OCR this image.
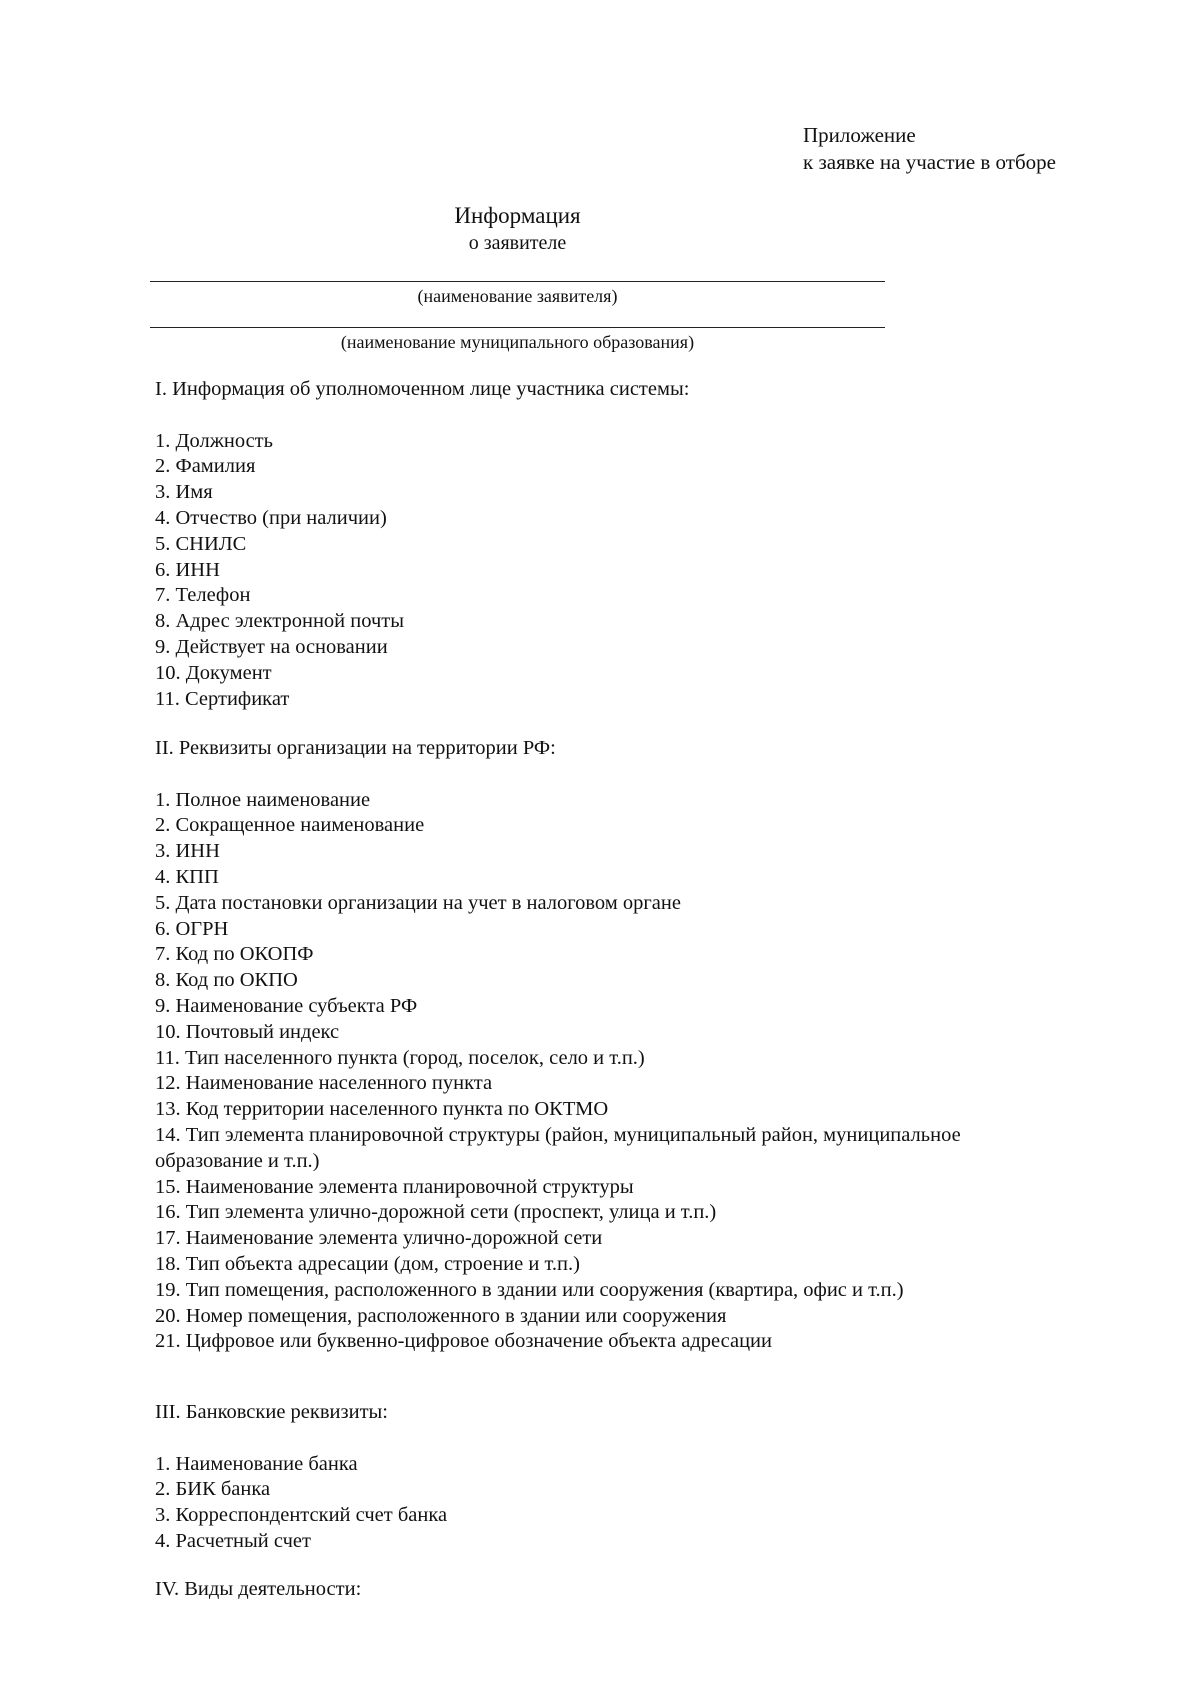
Приложение
к заявке на участие в отборе
Информация
о заявителе
(наименование заявителя)
(наименование муниципального образования)
I. Информация об уполномоченном лице участника системы:
1. Должность
2. Фамилия
3. Имя
4. Отчество (при наличии)
5. СНИЛС
6. ИНН
7. Телефон
8. Адрес электронной почты
9. Действует на основании
10. Документ
11. Сертификат
II. Реквизиты организации на территории РФ:
1. Полное наименование
2. Сокращенное наименование
3. ИНН
4. КПП
5. Дата постановки организации на учет в налоговом органе
6. ОГРН
7. Код по ОКОПФ
8. Код по ОКПО
9. Наименование субъекта РФ
10. Почтовый индекс
11. Тип населенного пункта (город, поселок, село и т.п.)
12. Наименование населенного пункта
13. Код территории населенного пункта по ОКТМО
14. Тип элемента планировочной структуры (район, муниципальный район, муниципальное образование и т.п.)
15. Наименование элемента планировочной структуры
16. Тип элемента улично-дорожной сети (проспект, улица и т.п.)
17. Наименование элемента улично-дорожной сети
18. Тип объекта адресации (дом, строение и т.п.)
19. Тип помещения, расположенного в здании или сооружения (квартира, офис и т.п.)
20. Номер помещения, расположенного в здании или сооружения
21. Цифровое или буквенно-цифровое обозначение объекта адресации
III. Банковские реквизиты:
1. Наименование банка
2. БИК банка
3. Корреспондентский счет банка
4. Расчетный счет
IV. Виды деятельности:
